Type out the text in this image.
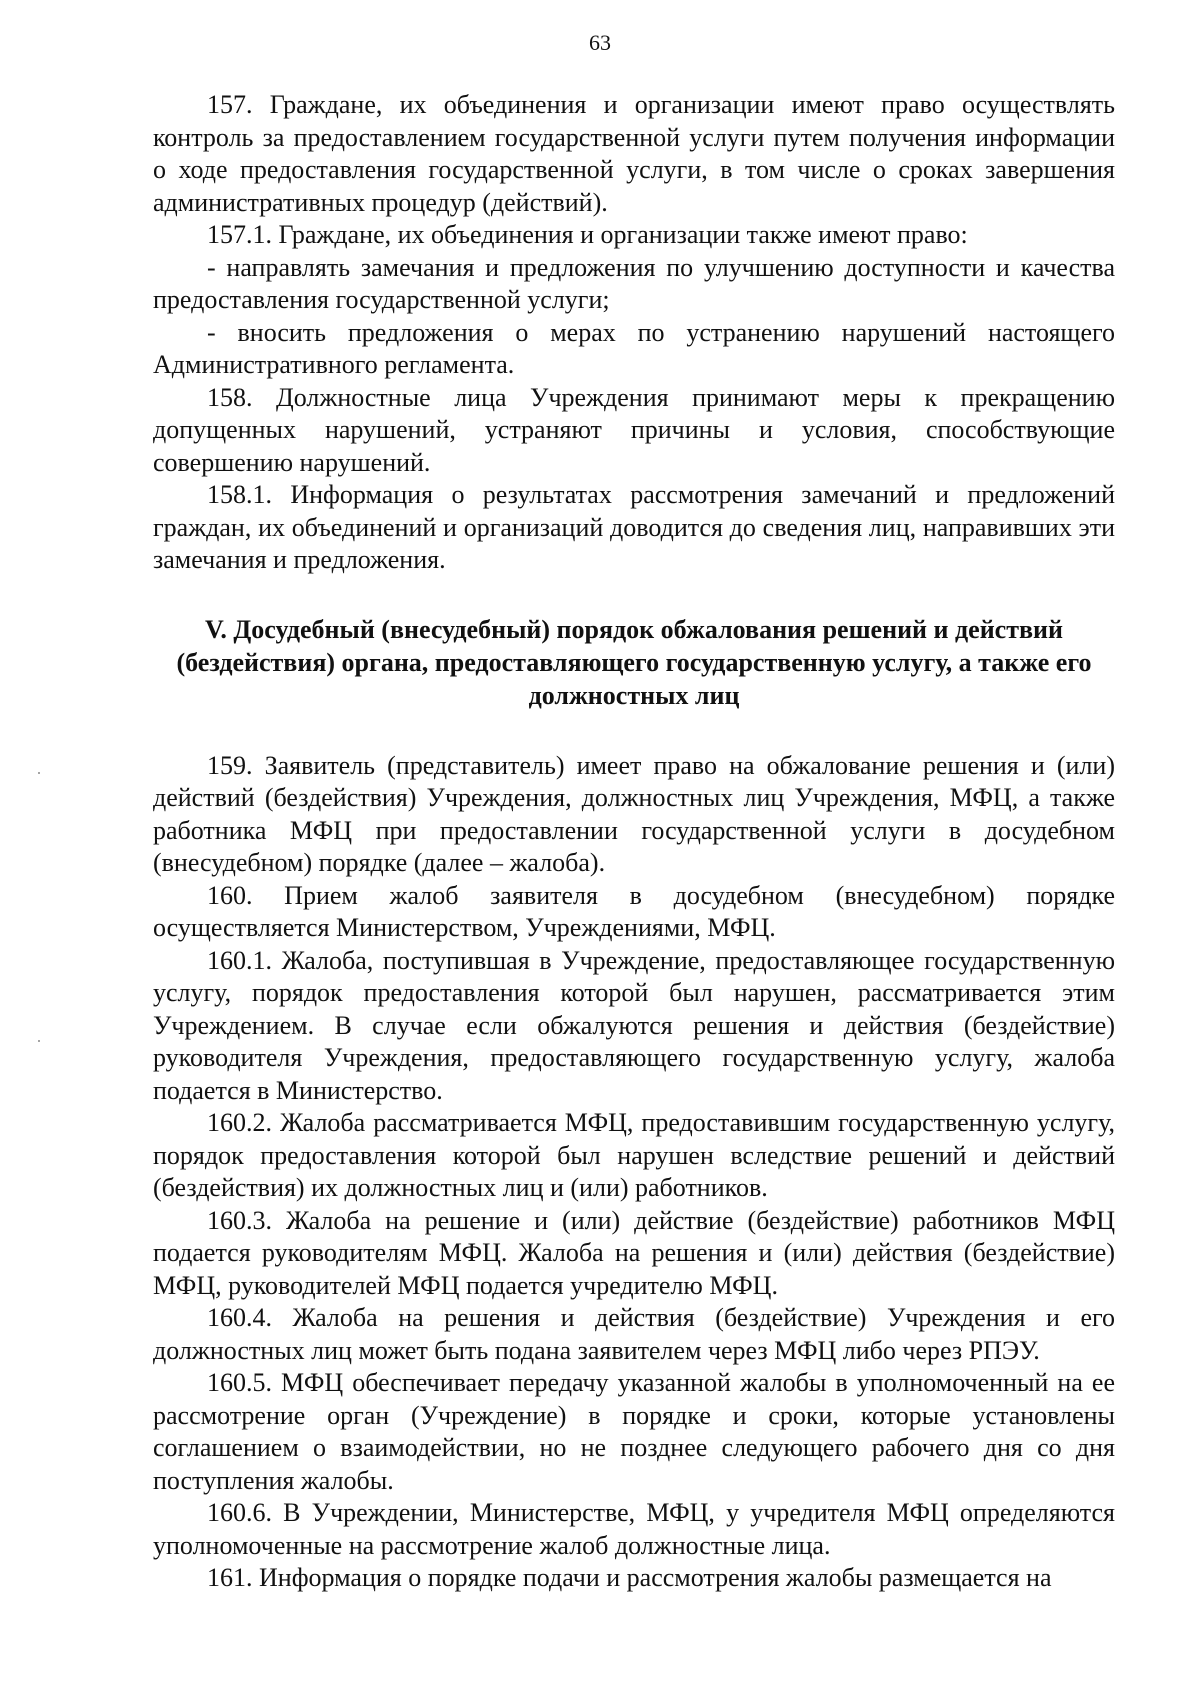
63

157. Граждане, их объединения и организации имеют право осуществлять контроль за предоставлением государственной услуги путем получения информации о ходе предоставления государственной услуги, в том числе о сроках завершения административных процедур (действий).

157.1. Граждане, их объединения и организации также имеют право:

- направлять замечания и предложения по улучшению доступности и качества предоставления государственной услуги;

- вносить предложения о мерах по устранению нарушений настоящего Административного регламента.

158. Должностные лица Учреждения принимают меры к прекращению допущенных нарушений, устраняют причины и условия, способствующие совершению нарушений.

158.1. Информация о результатах рассмотрения замечаний и предложений граждан, их объединений и организаций доводится до сведения лиц, направивших эти замечания и предложения.

V. Досудебный (внесудебный) порядок обжалования решений и действий (бездействия) органа, предоставляющего государственную услугу, а также его должностных лиц

159. Заявитель (представитель) имеет право на обжалование решения и (или) действий (бездействия) Учреждения, должностных лиц Учреждения, МФЦ, а также работника МФЦ при предоставлении государственной услуги в досудебном (внесудебном) порядке (далее – жалоба).

160. Прием жалоб заявителя в досудебном (внесудебном) порядке осуществляется Министерством, Учреждениями, МФЦ.

160.1. Жалоба, поступившая в Учреждение, предоставляющее государственную услугу, порядок предоставления которой был нарушен, рассматривается этим Учреждением. В случае если обжалуются решения и действия (бездействие) руководителя Учреждения, предоставляющего государственную услугу, жалоба подается в Министерство.

160.2. Жалоба рассматривается МФЦ, предоставившим государственную услугу, порядок предоставления которой был нарушен вследствие решений и действий (бездействия) их должностных лиц и (или) работников.

160.3. Жалоба на решение и (или) действие (бездействие) работников МФЦ подается руководителям МФЦ. Жалоба на решения и (или) действия (бездействие) МФЦ, руководителей МФЦ подается учредителю МФЦ.

160.4. Жалоба на решения и действия (бездействие) Учреждения и его должностных лиц может быть подана заявителем через МФЦ либо через РПЭУ.

160.5. МФЦ обеспечивает передачу указанной жалобы в уполномоченный на ее рассмотрение орган (Учреждение) в порядке и сроки, которые установлены соглашением о взаимодействии, но не позднее следующего рабочего дня со дня поступления жалобы.

160.6. В Учреждении, Министерстве, МФЦ, у учредителя МФЦ определяются уполномоченные на рассмотрение жалоб должностные лица.

161. Информация о порядке подачи и рассмотрения жалобы размещается на
